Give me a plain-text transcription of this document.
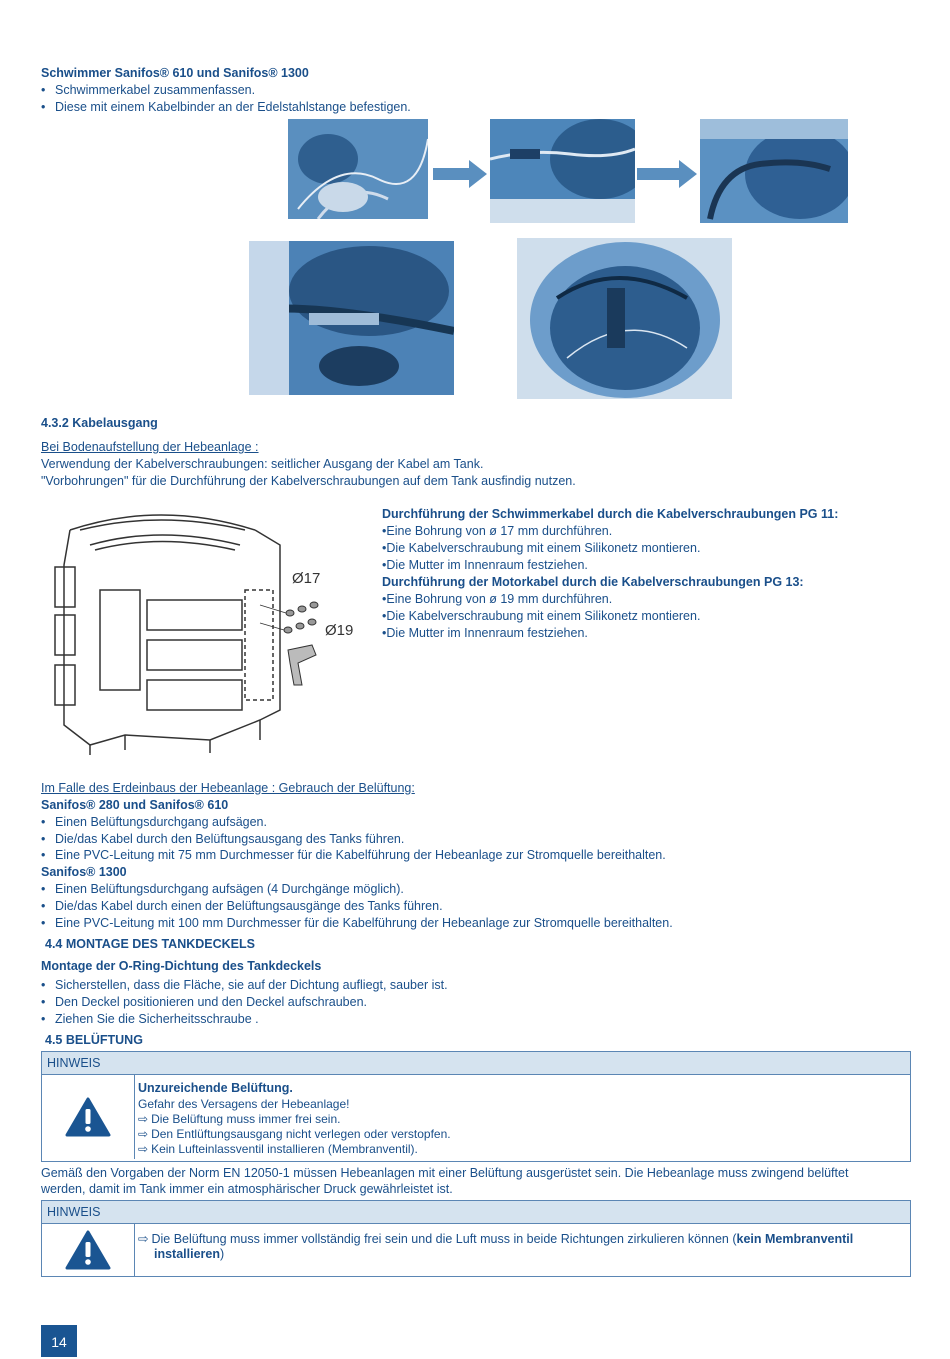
Schwimmer Sanifos® 610 und Sanifos® 1300
• Schwimmerkabel zusammenfassen.
• Diese mit einem Kabelbinder an der Edelstahlstange befestigen.
4.3.2 Kabelausgang
Bei Bodenaufstellung der Hebeanlage :
Verwendung der Kabelverschraubungen: seitlicher Ausgang der Kabel am Tank.
"Vorbohrungen" für die Durchführung der Kabelverschraubungen auf dem Tank ausfindig nutzen.
Ø17
Ø19
Durchführung der Schwimmerkabel durch die Kabelverschraubungen PG 11:
•Eine Bohrung von ø 17 mm durchführen.
•Die Kabelverschraubung mit einem Silikonetz montieren.
•Die Mutter im Innenraum festziehen.
Durchführung der Motorkabel durch die Kabelverschraubungen PG 13:
•Eine Bohrung von ø 19 mm durchführen.
•Die Kabelverschraubung mit einem Silikonetz montieren.
•Die Mutter im Innenraum festziehen.
Im Falle des Erdeinbaus der Hebeanlage : Gebrauch der Belüftung:
Sanifos® 280 und Sanifos® 610
• Einen Belüftungsdurchgang aufsägen.
• Die/das Kabel durch den Belüftungsausgang des Tanks führen.
• Eine PVC-Leitung mit 75 mm Durchmesser für die Kabelführung der Hebeanlage zur Stromquelle bereithalten.
Sanifos® 1300
• Einen Belüftungsdurchgang aufsägen (4 Durchgänge möglich).
• Die/das Kabel durch einen der Belüftungsausgänge des Tanks führen.
• Eine PVC-Leitung mit 100 mm Durchmesser für die Kabelführung der Hebeanlage zur Stromquelle bereithalten.
4.4 MONTAGE DES TANKDECKELS
Montage der O-Ring-Dichtung des Tankdeckels
• Sicherstellen, dass die Fläche, sie auf der Dichtung aufliegt, sauber ist.
• Den Deckel positionieren und den Deckel aufschrauben.
• Ziehen Sie die Sicherheitsschraube .
4.5 BELÜFTUNG
HINWEIS
Unzureichende Belüftung.
Gefahr des Versagens der Hebeanlage!
⇨ Die Belüftung muss immer frei sein.
⇨ Den Entlüftungsausgang nicht verlegen oder verstopfen.
⇨ Kein Lufteinlassventil installieren (Membranventil).
Gemäß den Vorgaben der Norm EN 12050-1 müssen Hebeanlagen mit einer Belüftung ausgerüstet sein. Die Hebeanlage muss zwingend belüftet
werden, damit im Tank immer ein atmosphärischer Druck gewährleistet ist.
HINWEIS
⇨ Die Belüftung muss immer vollständig frei sein und die Luft muss in beide Richtungen zirkulieren können (kein Membranventil
installieren)
14
